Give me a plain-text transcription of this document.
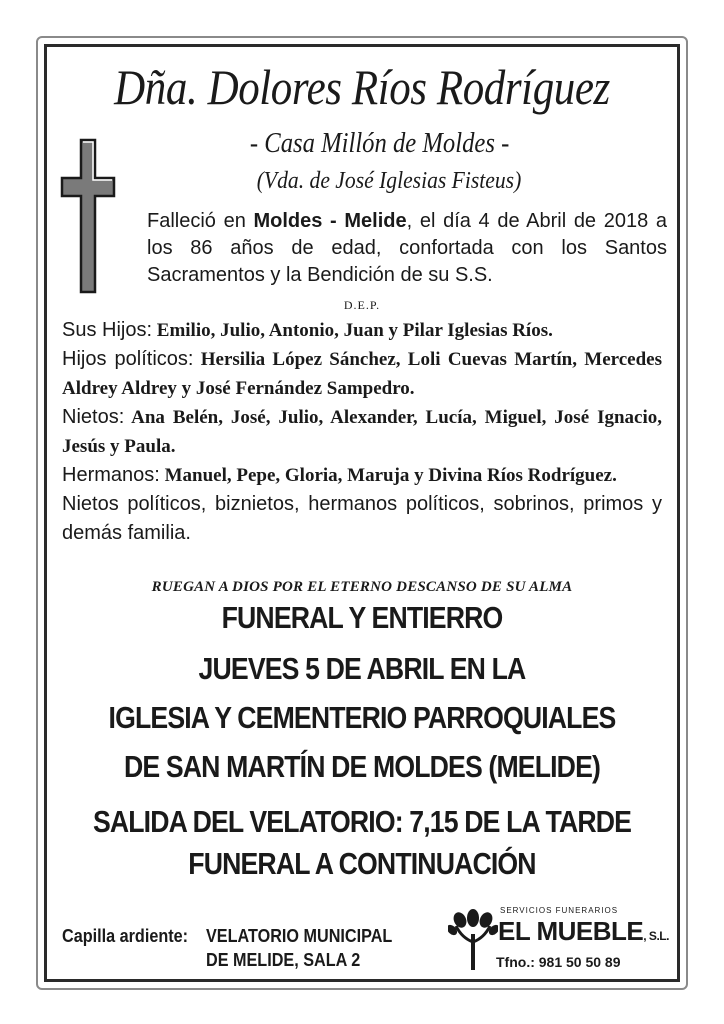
Dña. Dolores Ríos Rodríguez
- Casa Millón de Moldes -
(Vda. de José Iglesias Fisteus)
Falleció en Moldes - Melide, el día 4 de Abril de 2018 a los 86 años de edad, confortada con los Santos Sacramentos y la Bendición de su S.S.
D.E.P.

Sus Hijos: Emilio, Julio, Antonio, Juan y Pilar Iglesias Ríos.

Hijos políticos: Hersilia López Sánchez, Loli Cuevas Martín, Mercedes Aldrey Aldrey y José Fernández Sampedro.

Nietos: Ana Belén, José, Julio, Alexander, Lucía, Miguel, José Ignacio, Jesús y Paula.

Hermanos: Manuel, Pepe, Gloria, Maruja y Divina Ríos Rodríguez.

Nietos políticos, biznietos, hermanos políticos, sobrinos, primos y demás familia.

RUEGAN A DIOS POR EL ETERNO DESCANSO DE SU ALMA
FUNERAL Y ENTIERRO
JUEVES 5 DE ABRIL EN LA
IGLESIA Y CEMENTERIO PARROQUIALES
DE SAN MARTÍN DE MOLDES (MELIDE)
SALIDA DEL VELATORIO: 7,15 DE LA TARDE
FUNERAL A CONTINUACIÓN
Capilla ardiente: VELATORIO MUNICIPAL
DE MELIDE, SALA 2
SERVICIOS FUNERARIOS
EL MUEBLE, S.L.
Tfno.: 981 50 50 89
